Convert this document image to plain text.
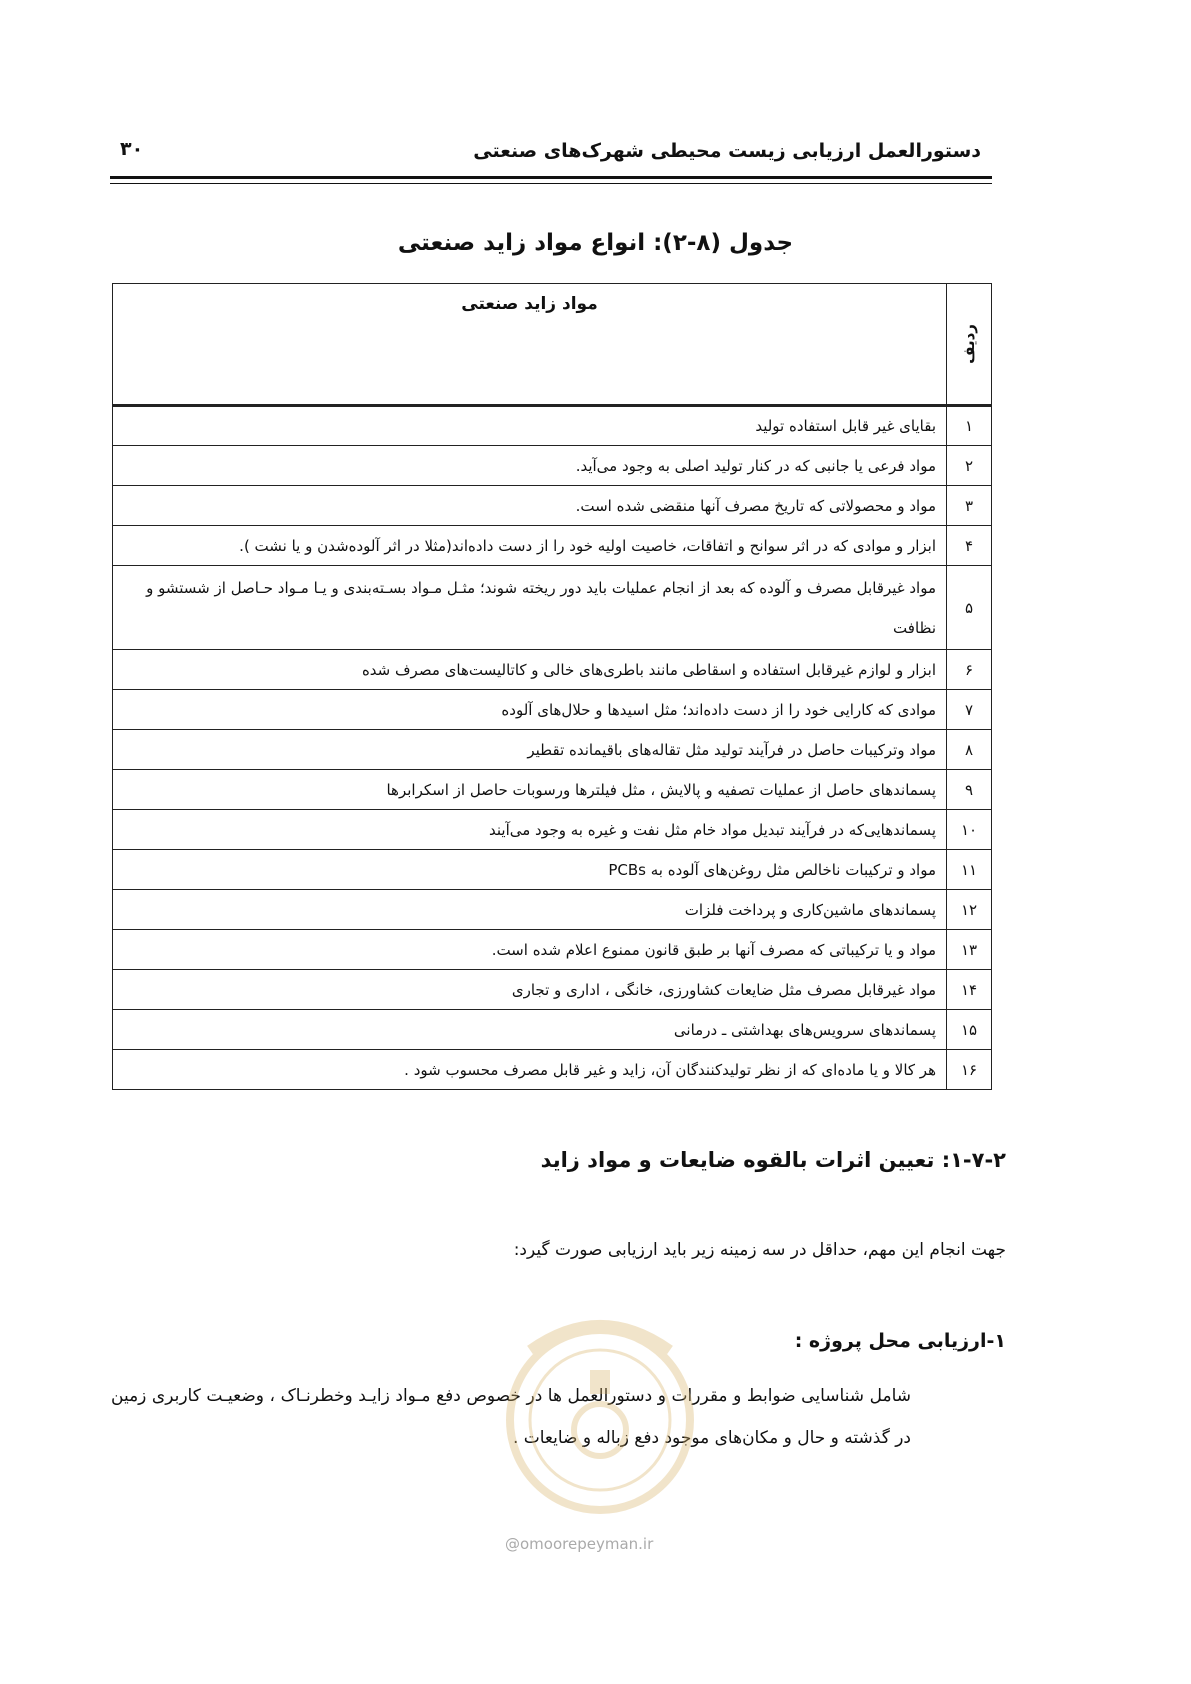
دستورالعمل ارزیابی زیست محیطی شهرک‌های صنعتی
۳۰
جدول (۸-۲): انواع مواد زاید صنعتی
ردیف	مواد زاید صنعتی
۱	بقایای غیر قابل استفاده تولید
۲	مواد فرعی یا جانبی که در کنار تولید اصلی به وجود می‌آید.
۳	مواد و محصولاتی که تاریخ مصرف آنها منقضی شده است.
۴	ابزار و موادی که در اثر سوانح و اتفاقات، خاصیت اولیه خود را از دست داده‌اند(مثلا در اثر آلوده‌شدن و یا نشت ).
۵	مواد غیرقابل مصرف و آلوده که بعد از انجام عملیات باید دور ریخته شوند؛ مثـل مـواد بسـته‌بندی و یـا مـواد حـاصل از شستشو و نظافت
۶	ابزار و لوازم غیرقابل استفاده و اسقاطی مانند باطری‌های خالی و کاتالیست‌های مصرف شده
۷	موادی که کارایی خود را از دست داده‌اند؛ مثل اسیدها و حلال‌های آلوده
۸	مواد وترکیبات حاصل در فرآیند تولید مثل تقاله‌های باقیمانده تقطیر
۹	پسماندهای حاصل از عملیات تصفیه و پالایش ، مثل فیلترها ورسوبات حاصل از اسکرابرها
۱۰	پسماندهایی‌که در فرآیند تبدیل مواد خام مثل نفت و غیره به وجود می‌آیند
۱۱	مواد و ترکیبات ناخالص مثل روغن‌های آلوده به PCBs
۱۲	پسماندهای ماشین‌کاری و پرداخت فلزات
۱۳	مواد و یا ترکیباتی که مصرف آنها بر طبق قانون ممنوع اعلام شده است.
۱۴	مواد غیرقابل مصرف مثل ضایعات کشاورزی، خانگی ، اداری و تجاری
۱۵	پسماندهای سرویس‌های بهداشتی ـ درمانی
۱۶	هر کالا و یا ماده‌ای که از نظر تولیدکنندگان آن، زاید و غیر قابل مصرف محسوب شود .
۱-۷-۲: تعیین اثرات بالقوه ضایعات و مواد زاید
جهت انجام این مهم، حداقل در سه زمینه زیر باید ارزیابی صورت گیرد:
۱-ارزیابی محل پروژه :
شامل شناسایی ضوابط و مقررات و دستورالعمل ها در خصوص دفع مـواد زایـد وخطرنـاک ، وضعیـت کاربری زمین در گذشته و حال و مکان‌های موجود دفع زباله و ضایعات .
@omoorepeyman.ir
